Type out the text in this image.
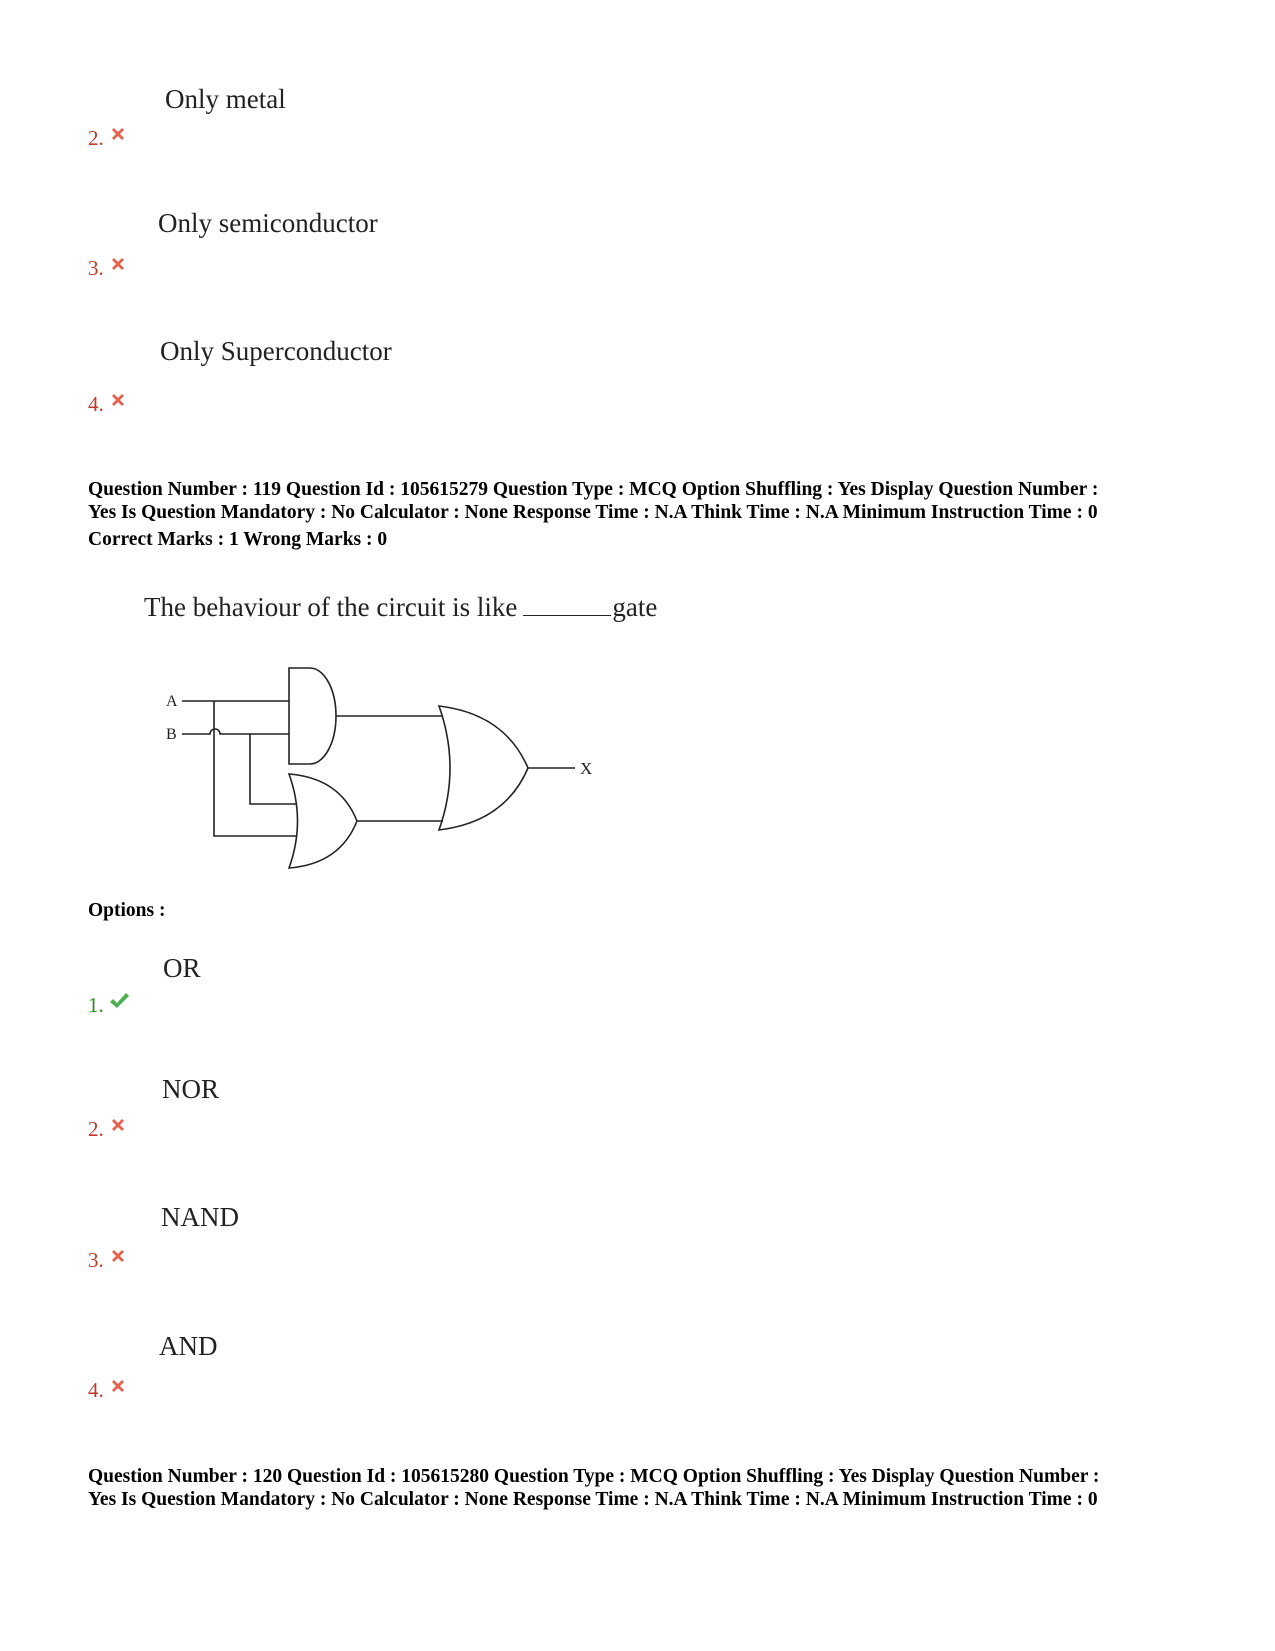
Only metal
2.
Only semiconductor
3.
Only Superconductor
4.
Question Number : 119 Question Id : 105615279 Question Type : MCQ Option Shuffling : Yes Display Question Number :
Yes Is Question Mandatory : No Calculator : None Response Time : N.A Think Time : N.A Minimum Instruction Time : 0
Correct Marks : 1 Wrong Marks : 0
The behaviour of the circuit is like	gate
A
B
X
Options :
OR
1.
NOR
2.
NAND
3.
AND
4.
Question Number : 120 Question Id : 105615280 Question Type : MCQ Option Shuffling : Yes Display Question Number :
Yes Is Question Mandatory : No Calculator : None Response Time : N.A Think Time : N.A Minimum Instruction Time : 0
